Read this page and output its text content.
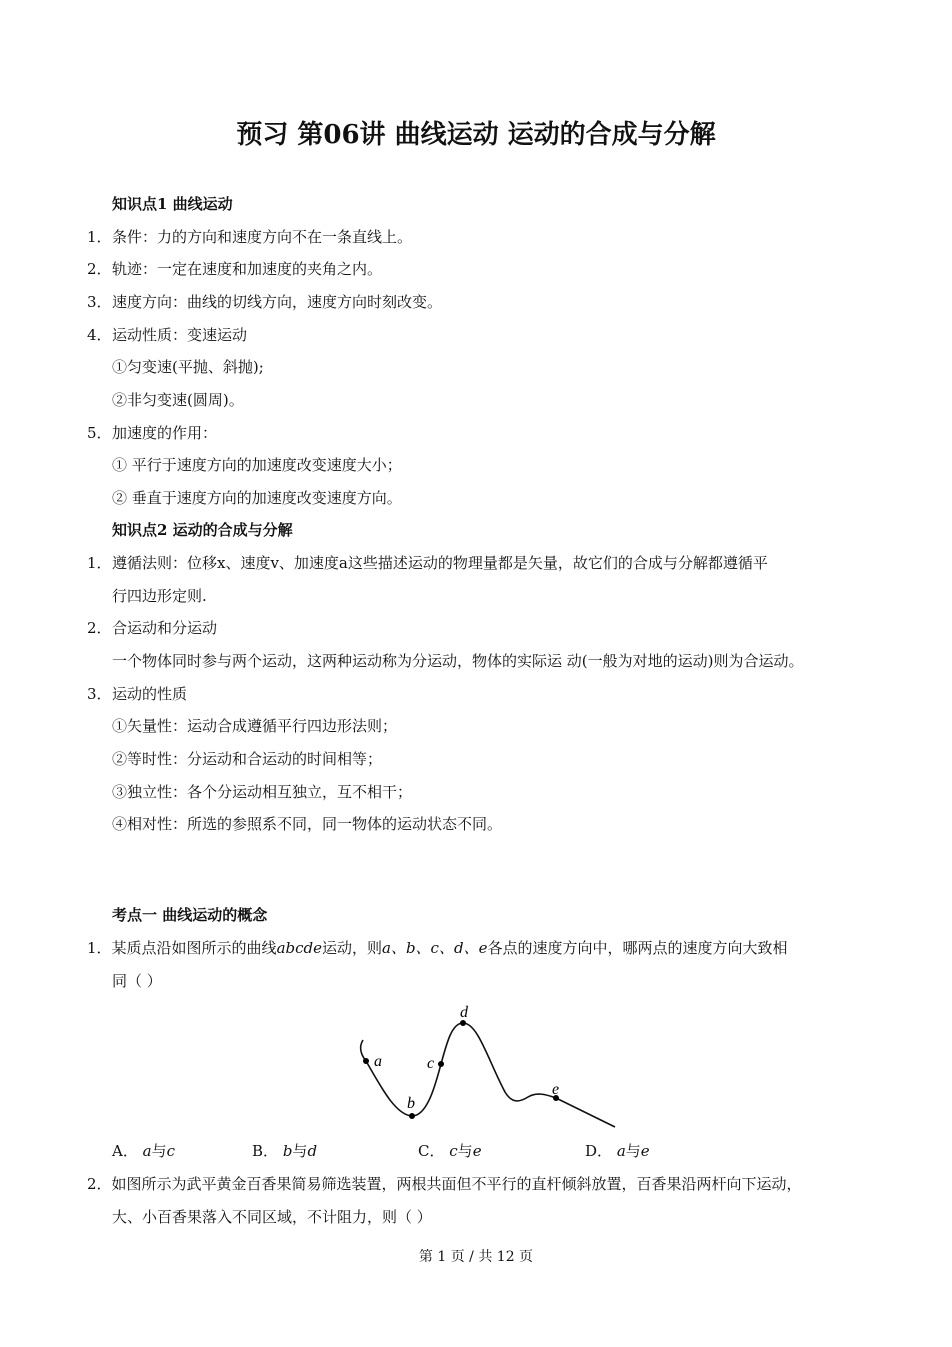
预习 第06讲 曲线运动 运动的合成与分解
知识点1 曲线运动
1． 条件：力的方向和速度方向不在一条直线上。
2． 轨迹：一定在速度和加速度的夹角之内。
3． 速度方向：曲线的切线方向，速度方向时刻改变。
4． 运动性质：变速运动
①匀变速(平抛、斜抛);
②非匀变速(圆周)。
5． 加速度的作用：
① 平行于速度方向的加速度改变速度大小；
② 垂直于速度方向的加速度改变速度方向。
知识点2 运动的合成与分解
1． 遵循法则：位移x、速度v、加速度a这些描述运动的物理量都是矢量，故它们的合成与分解都遵循平
行四边形定则.
2． 合运动和分运动
一个物体同时参与两个运动，这两种运动称为分运动，物体的实际运 动(一般为对地的运动)则为合运动。
3． 运动的性质
①矢量性：运动合成遵循平行四边形法则；
②等时性：分运动和合运动的时间相等；
③独立性：各个分运动相互独立，互不相干；
④相对性：所选的参照系不同，同一物体的运动状态不同。
考点一 曲线运动的概念
1．某质点沿如图所示的曲线abcde运动，则a、b、c、d、e各点的速度方向中，哪两点的速度方向大致相
同（ ）
a
b
c
d
e
A． a与c	B． b与d	C． c与e	D． a与e
2．如图所示为武平黄金百香果简易筛选装置，两根共面但不平行的直杆倾斜放置，百香果沿两杆向下运动，
大、小百香果落入不同区域，不计阻力，则（ ）
第 1 页 / 共 12 页
